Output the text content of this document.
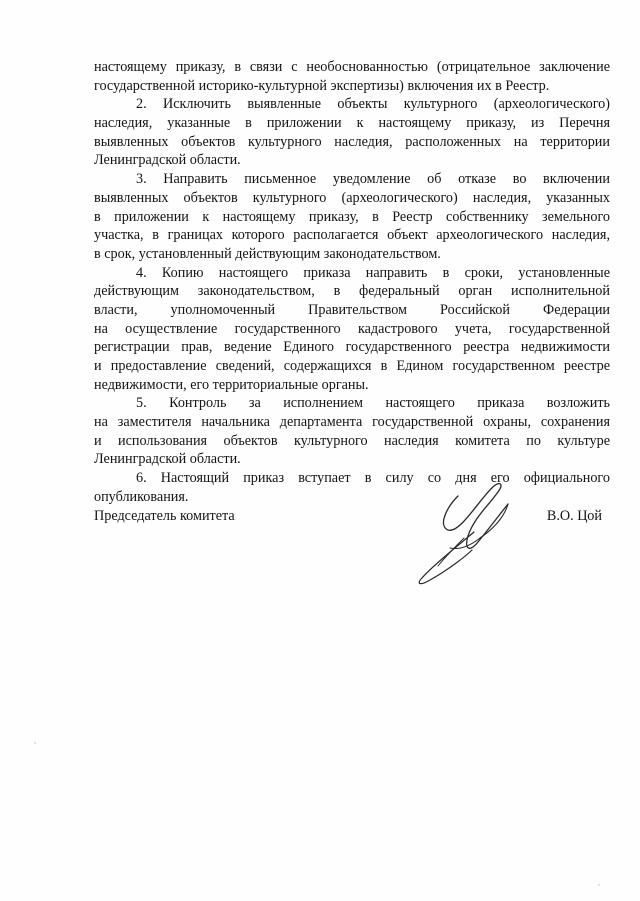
настоящему приказу, в связи с необоснованностью (отрицательное заключение
государственной историко-культурной экспертизы) включения их в Реестр.
2. Исключить выявленные объекты культурного (археологического)
наследия, указанные в приложении к настоящему приказу, из Перечня
выявленных объектов культурного наследия, расположенных на территории
Ленинградской области.
3. Направить письменное уведомление об отказе во включении
выявленных объектов культурного (археологического) наследия, указанных
в приложении к настоящему приказу, в Реестр собственнику земельного
участка, в границах которого располагается объект археологического наследия,
в срок, установленный действующим законодательством.
4. Копию настоящего приказа направить в сроки, установленные
действующим законодательством, в федеральный орган исполнительной
власти, уполномоченный Правительством Российской Федерации
на осуществление государственного кадастрового учета, государственной
регистрации прав, ведение Единого государственного реестра недвижимости
и предоставление сведений, содержащихся в Едином государственном реестре
недвижимости, его территориальные органы.
5. Контроль за исполнением настоящего приказа возложить
на заместителя начальника департамента государственной охраны, сохранения
и использования объектов культурного наследия комитета по культуре
Ленинградской области.
6. Настоящий приказ вступает в силу со дня его официального
опубликования.
Председатель комитета	В.О. Цой
